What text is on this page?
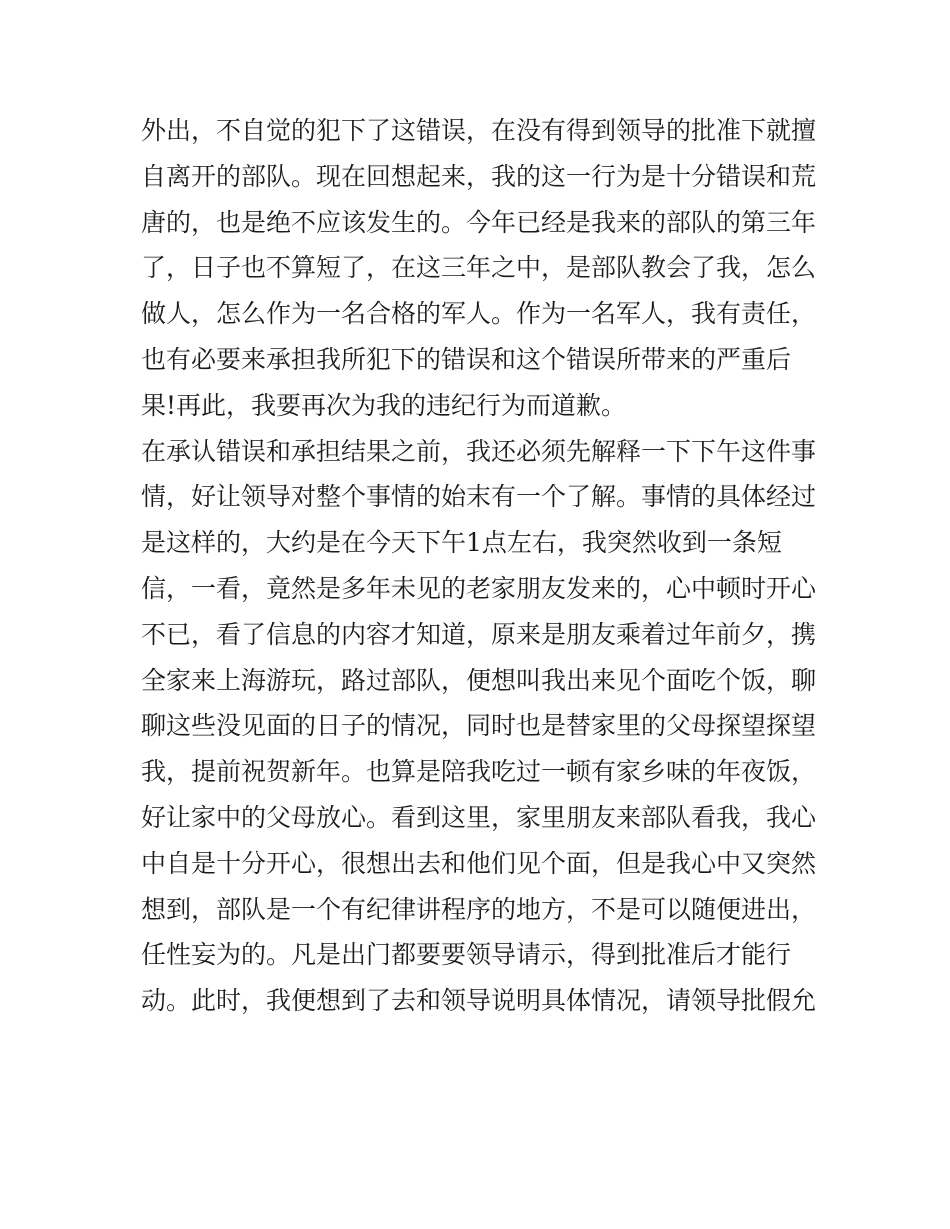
外出，不自觉的犯下了这错误，在没有得到领导的批准下就擅
自离开的部队。现在回想起来，我的这一行为是十分错误和荒
唐的，也是绝不应该发生的。今年已经是我来的部队的第三年
了，日子也不算短了，在这三年之中，是部队教会了我，怎么
做人，怎么作为一名合格的军人。作为一名军人，我有责任，
也有必要来承担我所犯下的错误和这个错误所带来的严重后
果!再此，我要再次为我的违纪行为而道歉。
在承认错误和承担结果之前，我还必须先解释一下下午这件事
情，好让领导对整个事情的始末有一个了解。事情的具体经过
是这样的，大约是在今天下午1点左右，我突然收到一条短
信，一看，竟然是多年未见的老家朋友发来的，心中顿时开心
不已，看了信息的内容才知道，原来是朋友乘着过年前夕，携
全家来上海游玩，路过部队，便想叫我出来见个面吃个饭，聊
聊这些没见面的日子的情况，同时也是替家里的父母探望探望
我，提前祝贺新年。也算是陪我吃过一顿有家乡味的年夜饭，
好让家中的父母放心。看到这里，家里朋友来部队看我，我心
中自是十分开心，很想出去和他们见个面，但是我心中又突然
想到，部队是一个有纪律讲程序的地方，不是可以随便进出，
任性妄为的。凡是出门都要要领导请示，得到批准后才能行
动。此时，我便想到了去和领导说明具体情况，请领导批假允
